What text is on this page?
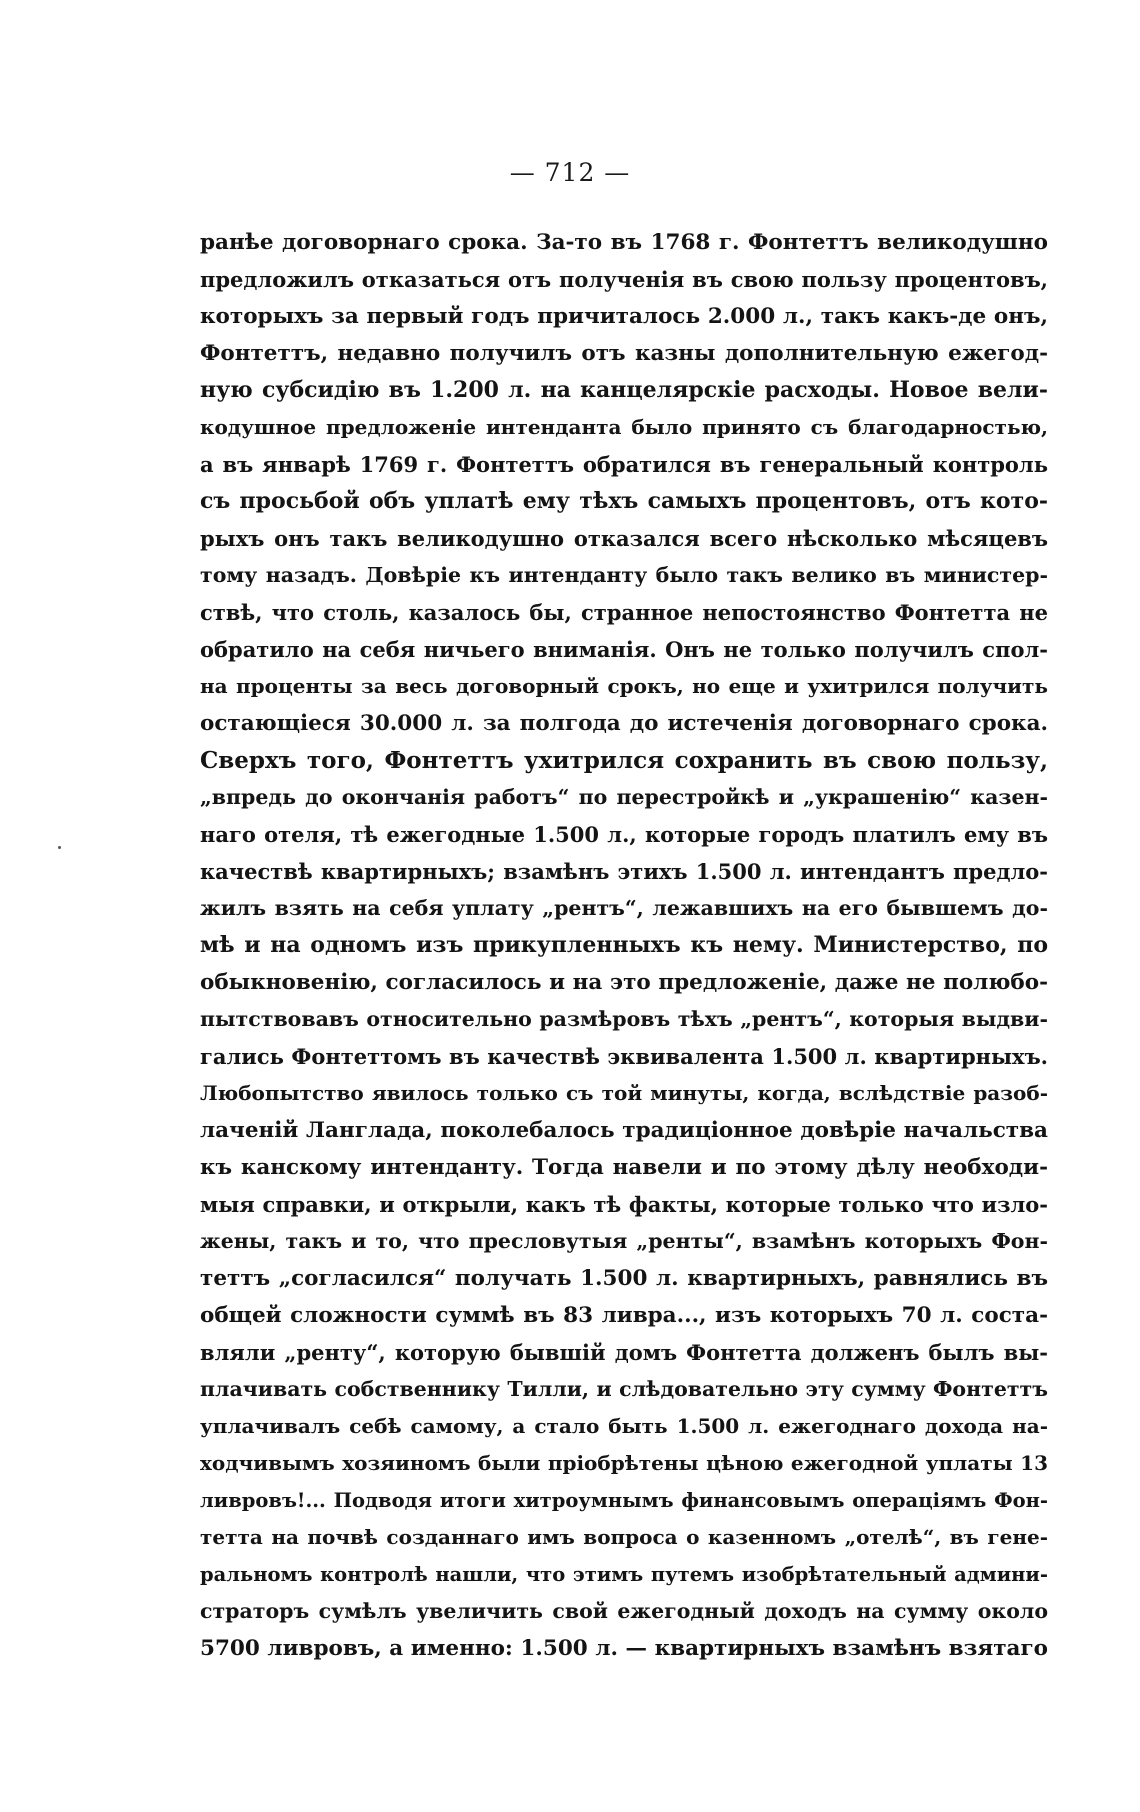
— 712 —
ранѣе договорнаго срока. За-то въ 1768 г. Фонтеттъ великодушно
предложилъ отказаться отъ полученія въ свою пользу процентовъ,
которыхъ за первый годъ причиталось 2.000 л., такъ какъ-де онъ,
Фонтеттъ, недавно получилъ отъ казны дополнительную ежегод-
ную субсидію въ 1.200 л. на канцелярскіе расходы. Новое вели-
кодушное предложеніе интенданта было принято съ благодарностью,
а въ январѣ 1769 г. Фонтеттъ обратился въ генеральный контроль
съ просьбой объ уплатѣ ему тѣхъ самыхъ процентовъ, отъ кото-
рыхъ онъ такъ великодушно отказался всего нѣсколько мѣсяцевъ
тому назадъ. Довѣріе къ интенданту было такъ велико въ министер-
ствѣ, что столь, казалось бы, странное непостоянство Фонтетта не
обратило на себя ничьего вниманія. Онъ не только получилъ спол-
на проценты за весь договорный срокъ, но еще и ухитрился получить
остающіеся 30.000 л. за полгода до истеченія договорнаго срока.
Сверхъ того, Фонтеттъ ухитрился сохранить въ свою пользу,
„впредь до окончанія работъ“ по перестройкѣ и „украшенію“ казен-
наго отеля, тѣ ежегодные 1.500 л., которые городъ платилъ ему въ
качествѣ квартирныхъ; взамѣнъ этихъ 1.500 л. интендантъ предло-
жилъ взять на себя уплату „рентъ“, лежавшихъ на его бывшемъ до-
мѣ и на одномъ изъ прикупленныхъ къ нему. Министерство, по
обыкновенію, согласилось и на это предложеніе, даже не полюбо-
пытствовавъ относительно размѣровъ тѣхъ „рентъ“, которыя выдви-
гались Фонтеттомъ въ качествѣ эквивалента 1.500 л. квартирныхъ.
Любопытство явилось только съ той минуты, когда, вслѣдствіе разоб-
лаченій Ланглада, поколебалось традиціонное довѣріе начальства
къ канскому интенданту. Тогда навели и по этому дѣлу необходи-
мыя справки, и открыли, какъ тѣ факты, которые только что изло-
жены, такъ и то, что пресловутыя „ренты“, взамѣнъ которыхъ Фон-
теттъ „согласился“ получать 1.500 л. квартирныхъ, равнялись въ
общей сложности суммѣ въ 83 ливра..., изъ которыхъ 70 л. соста-
вляли „ренту“, которую бывшій домъ Фонтетта долженъ былъ вы-
плачивать собственнику Тилли, и слѣдовательно эту сумму Фонтеттъ
уплачивалъ себѣ самому, а стало быть 1.500 л. ежегоднаго дохода на-
ходчивымъ хозяиномъ были пріобрѣтены цѣною ежегодной уплаты 13
ливровъ!... Подводя итоги хитроумнымъ финансовымъ операціямъ Фон-
тетта на почвѣ созданнаго имъ вопроса о казенномъ „отелѣ“, въ гене-
ральномъ контролѣ нашли, что этимъ путемъ изобрѣтательный админи-
страторъ сумѣлъ увеличить свой ежегодный доходъ на сумму около
5700 ливровъ, а именно: 1.500 л. — квартирныхъ взамѣнъ взятаго
